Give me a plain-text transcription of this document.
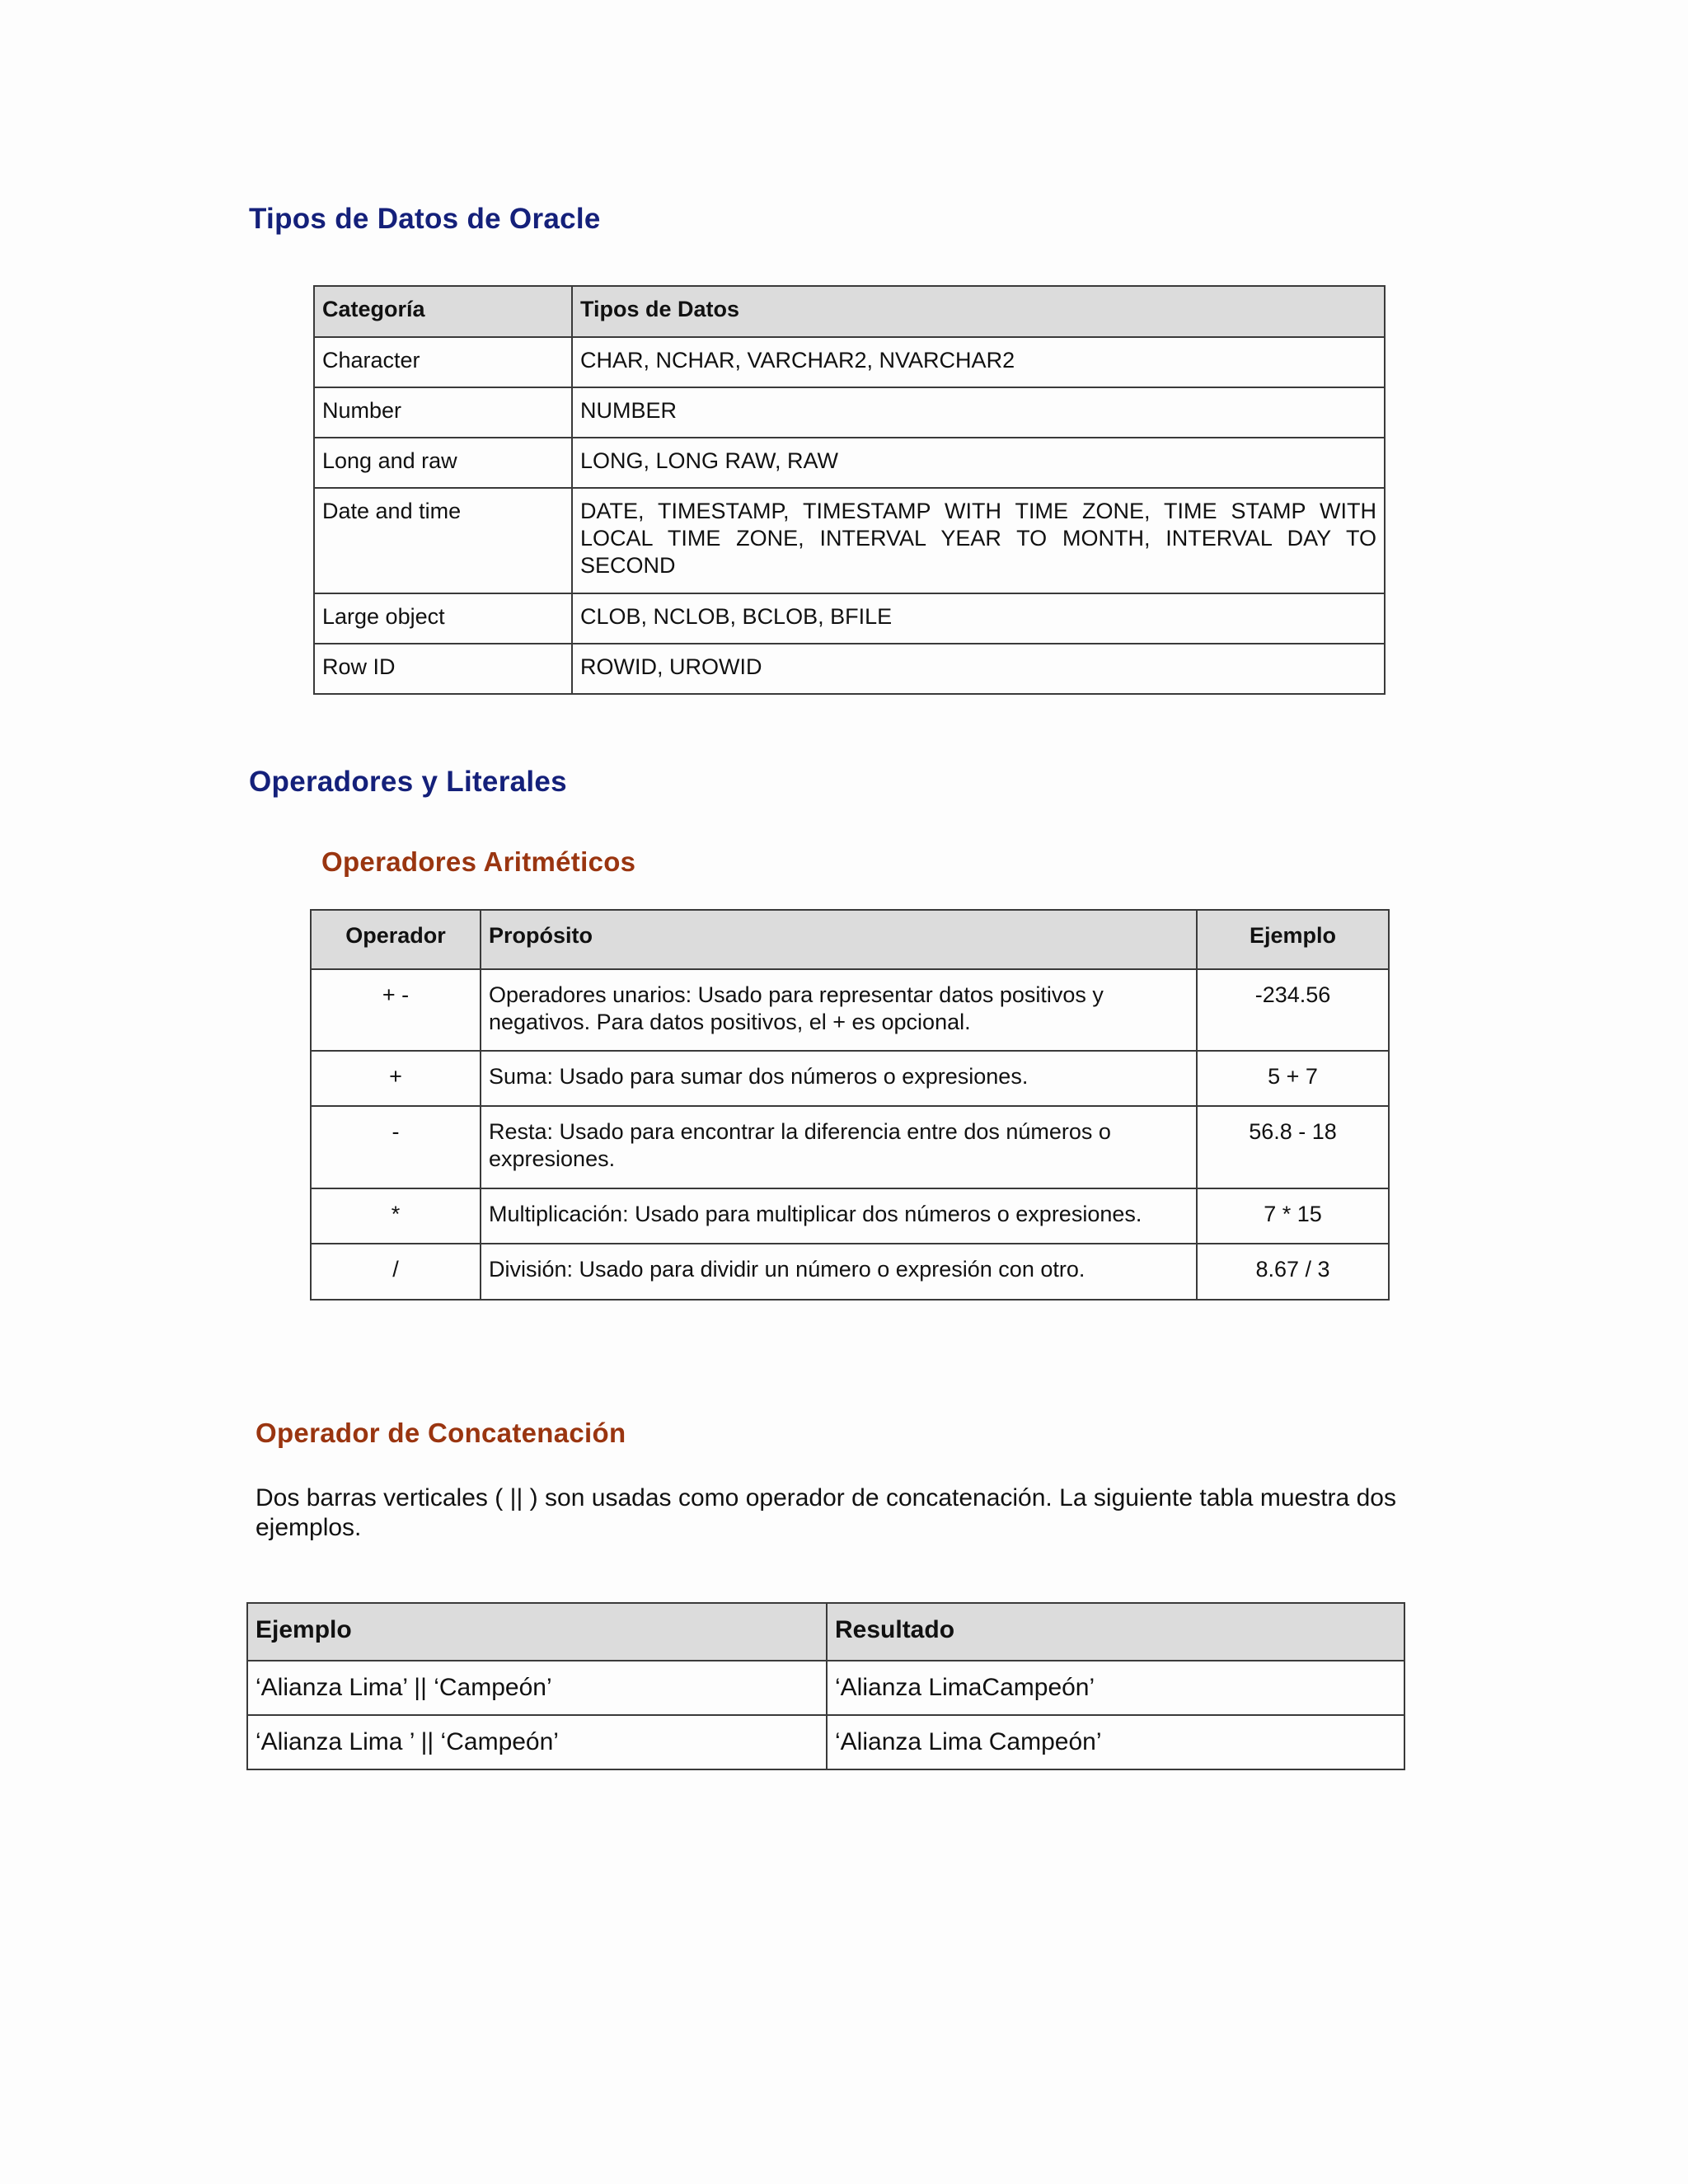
Tipos de Datos de Oracle
Categoría	Tipos de Datos
Character	CHAR, NCHAR, VARCHAR2, NVARCHAR2
Number	NUMBER
Long and raw	LONG, LONG RAW, RAW
Date and time	DATE, TIMESTAMP, TIMESTAMP WITH TIME ZONE, TIME STAMP WITH LOCAL TIME ZONE, INTERVAL YEAR TO MONTH, INTERVAL DAY TO SECOND
Large object	CLOB, NCLOB, BCLOB, BFILE
Row ID	ROWID, UROWID
Operadores y Literales
Operadores Aritméticos
Operador	Propósito	Ejemplo
+ -	Operadores unarios: Usado para representar datos positivos y negativos. Para datos positivos, el + es opcional.	-234.56
+	Suma: Usado para sumar dos números o expresiones.	5 + 7
-	Resta: Usado para encontrar la diferencia entre dos números o expresiones.	56.8 - 18
*	Multiplicación: Usado para multiplicar dos números o expresiones.	7 * 15
/	División: Usado para dividir un número o expresión con otro.	8.67 / 3
Operador de Concatenación

Dos barras verticales ( || ) son usadas como operador de concatenación. La siguiente tabla muestra dos ejemplos.

Ejemplo	Resultado
‘Alianza Lima’ || ‘Campeón’	‘Alianza LimaCampeón’
‘Alianza Lima ’ || ‘Campeón’	‘Alianza Lima Campeón’
